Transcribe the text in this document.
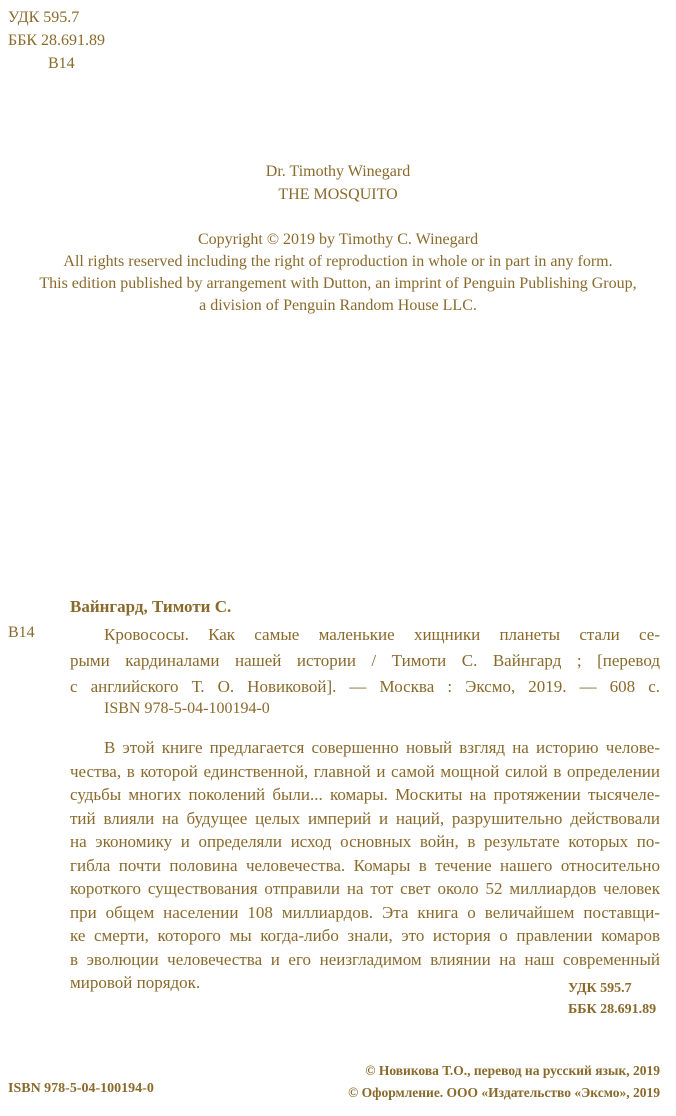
УДК 595.7
ББК 28.691.89
В14
Dr. Timothy Winegard
THE MOSQUITO
Copyright © 2019 by Timothy C. Winegard
All rights reserved including the right of reproduction in whole or in part in any form.
This edition published by arrangement with Dutton, an imprint of Penguin Publishing Group,
a division of Penguin Random House LLC.
Вайнгард, Тимоти С.
В14	Кровососы. Как самые маленькие хищники планеты стали се-
рыми кардиналами нашей истории / Тимоти С. Вайнгард ; [перевод
с английского Т. О. Новиковой]. — Москва : Эксмо, 2019. — 608 с.
ISBN 978-5-04-100194-0
В этой книге предлагается совершенно новый взгляд на историю челове-
чества, в которой единственной, главной и самой мощной силой в определении
судьбы многих поколений были... комары. Москиты на протяжении тысячеле-
тий влияли на будущее целых империй и наций, разрушительно действовали
на экономику и определяли исход основных войн, в результате которых по-
гибла почти половина человечества. Комары в течение нашего относительно
короткого существования отправили на тот свет около 52 миллиардов человек
при общем населении 108 миллиардов. Эта книга о величайшем поставщи-
ке смерти, которого мы когда-либо знали, это история о правлении комаров
в эволюции человечества и его неизгладимом влиянии на наш современный
мировой порядок.	УДК 595.7
ББК 28.691.89
© Новикова Т.О., перевод на русский язык, 2019
© Оформление. ООО «Издательство «Эксмо», 2019
ISBN 978-5-04-100194-0
